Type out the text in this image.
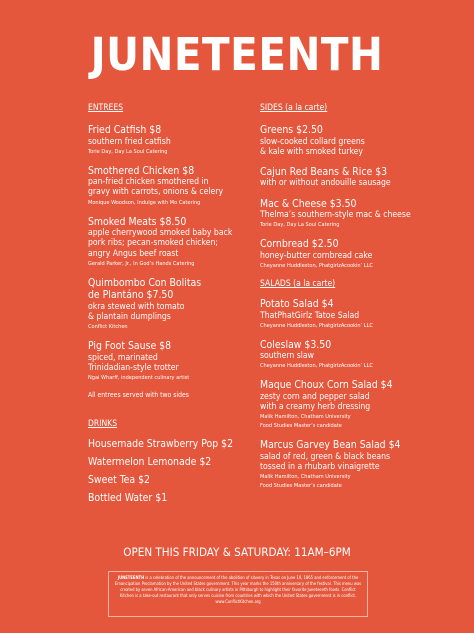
JUNETEENTH
ENTREES
Fried Catfish $8
southern fried catfish
Torie Day, Day La Soul Catering
Smothered Chicken $8
pan-fried chicken smothered in
gravy with carrots, onions & celery
Monique Woodson, Indulge with Mo Catering
Smoked Meats $8.50
apple cherrywood smoked baby back
pork ribs; pecan-smoked chicken;
angry Angus beef roast
Gerald Parker, Jr., In God’s Hands Catering
Quimbombo Con Bolitas
de Plantáno $7.50
okra stewed with tomato
& plantain dumplings
Conflict Kitchen
Pig Foot Sause $8
spiced, marinated
Trinidadian-style trotter
Ngai Wharff, independent culinary artist
All entrees served with two sides
DRINKS
Housemade Strawberry Pop $2
Watermelon Lemonade $2
Sweet Tea $2
Bottled Water $1
SIDES (a la carte)
Greens $2.50
slow-cooked collard greens
& kale with smoked turkey
Cajun Red Beans & Rice $3
with or without andouille sausage
Mac & Cheese $3.50
Thelma’s southern-style mac & cheese
Torie Day, Day La Soul Catering
Cornbread $2.50
honey-butter cornbread cake
Cheyanne Huddleston, PhatgirlzAcookin’ LLC
SALADS (a la carte)
Potato Salad $4
ThatPhatGirlz Tatoe Salad
Cheyanne Huddleston, PhatgirlzAcookin’ LLC
Coleslaw $3.50
southern slaw
Cheyanne Huddleston, PhatgirlzAcookin’ LLC
Maque Choux Corn Salad $4
zesty corn and pepper salad
with a creamy herb dressing
Malik Hamilton, Chatham University
Food Studies Master’s candidate
Marcus Garvey Bean Salad $4
salad of red, green & black beans
tossed in a rhubarb vinaigrette
Malik Hamilton, Chatham University
Food Studies Master’s candidate
OPEN THIS FRIDAY & SATURDAY: 11AM–6PM
JUNETEENTH is a celebration of the announcement of the abolition of slavery in Texas on June 19, 1865 and enforcement of the Emancipation Proclamation by the United States government. This year marks the 150th anniversary of the festival. This menu was created by seven African-American and black culinary artists in Pittsburgh to highlight their favorite Juneteenth foods. Conflict Kitchen is a take-out restaurant that only serves cuisine from countries with which the United States government is in conflict. www.ConflictKitchen.org
